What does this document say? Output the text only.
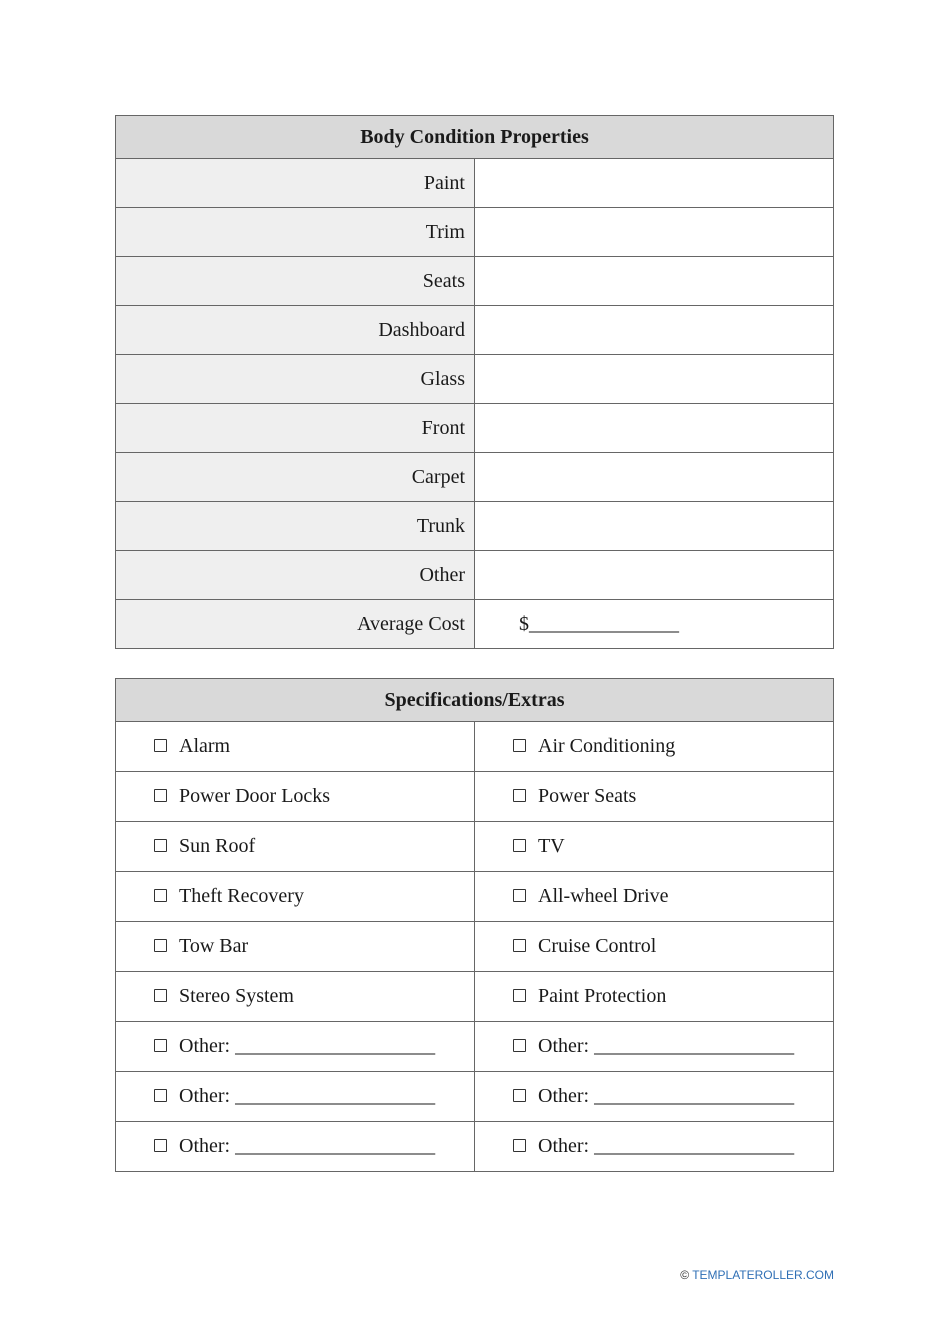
Body Condition Properties	
Paint	
Trim	
Seats	
Dashboard	
Glass	
Front	
Carpet	
Trunk	
Other	
Average Cost	$_______________
Specifications/Extras	

Alarm	Air Conditioning

Power Door Locks	Power Seats

Sun Roof	TV

Theft Recovery	All-wheel Drive

Tow Bar	Cruise Control

Stereo System	Paint Protection

Other: ____________________	Other: ____________________

Other: ____________________	Other: ____________________

Other: ____________________	Other: ____________________
© TEMPLATEROLLER.COM
